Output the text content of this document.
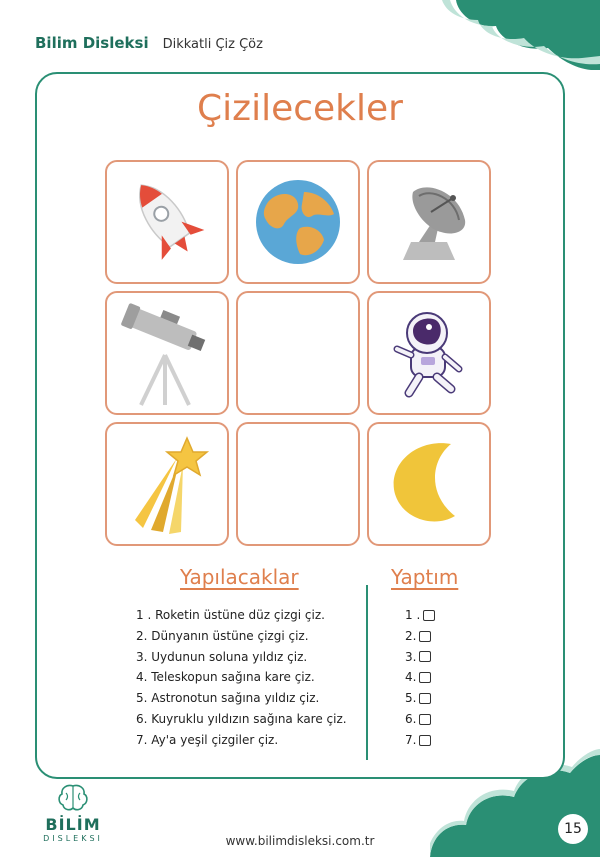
Bilim Disleksi Dikkatli Çiz Çöz
Çizilecekler
Yapılacaklar	Yaptım
1 . Roketin üstüne düz çizgi çiz.
2. Dünyanın üstüne çizgi çiz.
3. Uydunun soluna yıldız çiz.
4. Teleskopun sağına kare çiz.
5. Astronotun sağına yıldız çiz.
6. Kuyruklu yıldızın sağına kare çiz.
7. Ay'a yeşil çizgiler çiz.
1 .
2.
3.
4.
5.
6.
7.
BİLİM
DISLEKSI	www.bilimdisleksi.com.tr
15
